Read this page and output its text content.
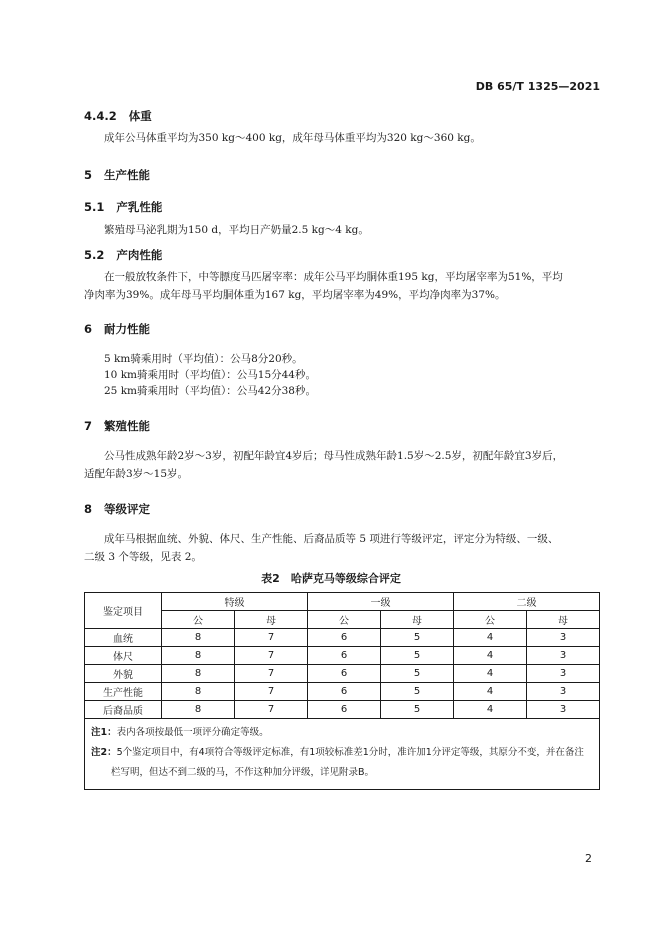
DB 65/T 1325—2021
4.4.2 体重
成年公马体重平均为350 kg～400 kg，成年母马体重平均为320 kg～360 kg。
5 生产性能
5.1 产乳性能
繁殖母马泌乳期为150 d，平均日产奶量2.5 kg～4 kg。
5.2 产肉性能
在一般放牧条件下，中等膘度马匹屠宰率：成年公马平均胴体重195 kg，平均屠宰率为51%，平均
净肉率为39%。成年母马平均胴体重为167 kg，平均屠宰率为49%，平均净肉率为37%。
6 耐力性能
5 km骑乘用时（平均值）：公马8分20秒。
10 km骑乘用时（平均值）：公马15分44秒。
25 km骑乘用时（平均值）：公马42分38秒。
7 繁殖性能
公马性成熟年龄2岁～3岁，初配年龄宜4岁后；母马性成熟年龄1.5岁～2.5岁，初配年龄宜3岁后，
适配年龄3岁～15岁。
8 等级评定
成年马根据血统、外貌、体尺、生产性能、后裔品质等 5 项进行等级评定，评定分为特级、一级、
二级 3 个等级，见表 2。
表2　哈萨克马等级综合评定
鉴定项目	特级		一级		二级	
	公	母	公	母	公	母
血统	8	7	6	5	4	3
体尺	8	7	6	5	4	3
外貌	8	7	6	5	4	3
生产性能	8	7	6	5	4	3
后裔品质	8	7	6	5	4	3

注1：表内各项按最低一项评分确定等级。
注2：5个鉴定项目中，有4项符合等级评定标准，有1项较标准差1分时，准许加1分评定等级，其原分不变，并在备注栏写明，但达不到二级的马，不作这种加分评级，详见附录B。						
2
